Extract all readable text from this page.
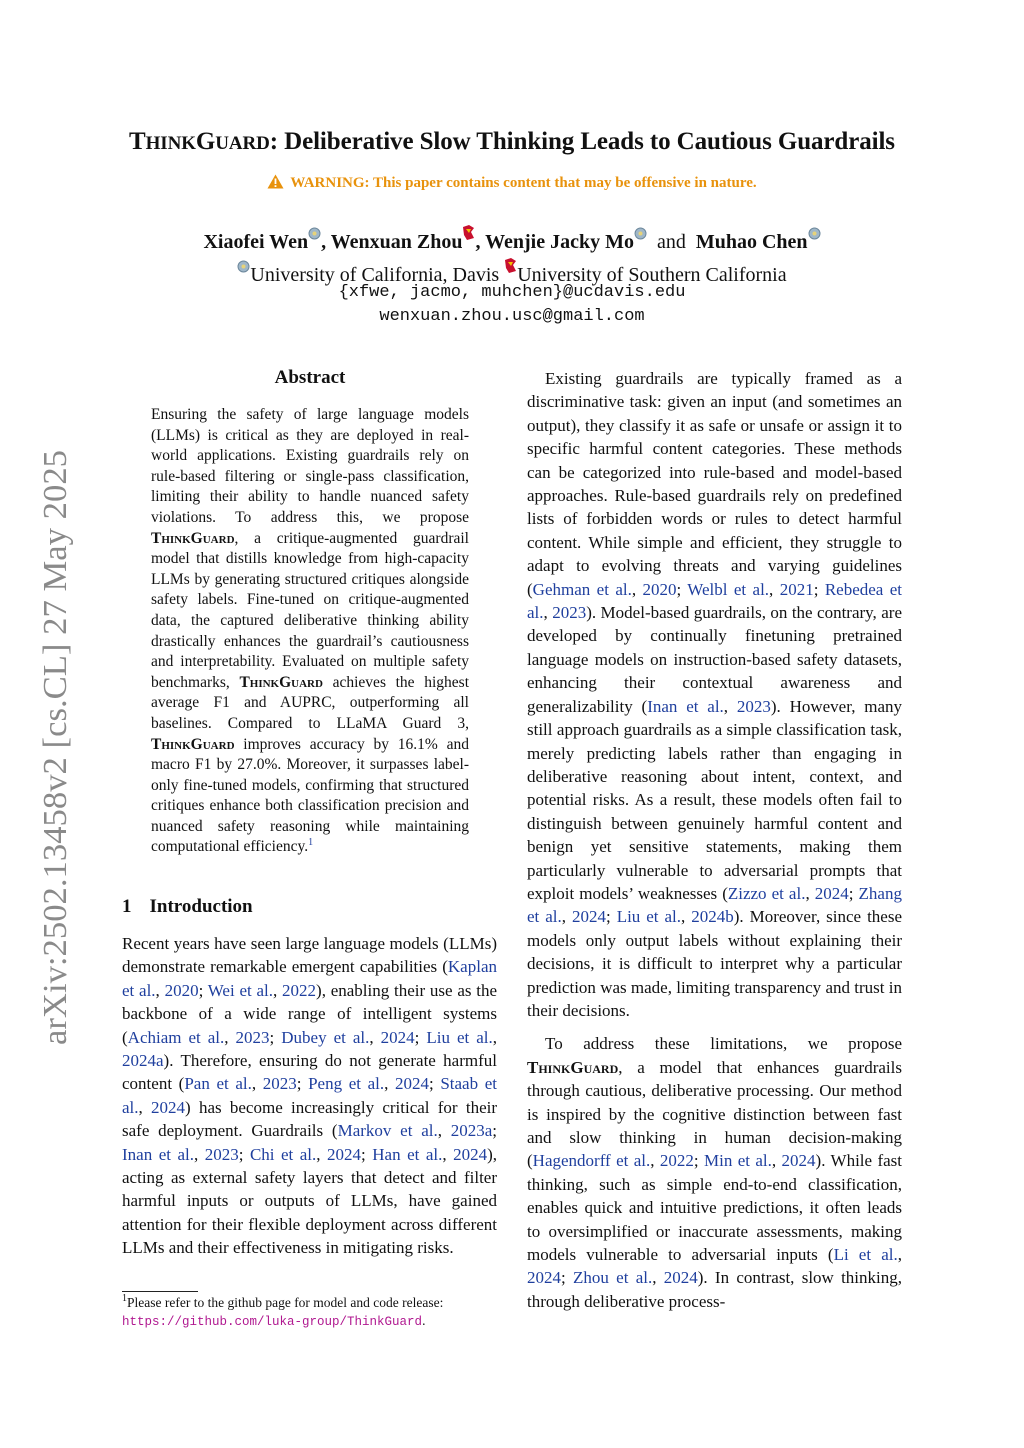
arXiv:2502.13458v2 [cs.CL] 27 May 2025
THINKGUARD: Deliberative Slow Thinking Leads to Cautious Guardrails
WARNING: This paper contains content that may be offensive in nature.
Xiaofei Wen , Wenxuan Zhou , Wenjie Jacky Mo and Muhao Chen
University of California, Davis University of Southern California
{xfwe, jacmo, muhchen}@ucdavis.edu
wenxuan.zhou.usc@gmail.com
Abstract
Ensuring the safety of large language models (LLMs) is critical as they are deployed in real-world applications. Existing guardrails rely on rule-based filtering or single-pass classification, limiting their ability to handle nuanced safety violations. To address this, we propose ThinkGuard, a critique-augmented guardrail model that distills knowledge from high-capacity LLMs by generating structured critiques alongside safety labels. Fine-tuned on critique-augmented data, the captured deliberative thinking ability drastically enhances the guardrail’s cautiousness and interpretability. Evaluated on multiple safety benchmarks, ThinkGuard achieves the highest average F1 and AUPRC, outperforming all baselines. Compared to LLaMA Guard 3, ThinkGuard improves accuracy by 16.1% and macro F1 by 27.0%. Moreover, it surpasses label-only fine-tuned models, confirming that structured critiques enhance both classification precision and nuanced safety reasoning while maintaining computational efficiency.$^1$
1 Introduction

Recent years have seen large language models (LLMs) demonstrate remarkable emergent capabilities (Kaplan et al., 2020; Wei et al., 2022), enabling their use as the backbone of a wide range of intelligent systems (Achiam et al., 2023; Dubey et al., 2024; Liu et al., 2024a). Therefore, ensuring do not generate harmful content (Pan et al., 2023; Peng et al., 2024; Staab et al., 2024) has become increasingly critical for their safe deployment. Guardrails (Markov et al., 2023a; Inan et al., 2023; Chi et al., 2024; Han et al., 2024), acting as external safety layers that detect and filter harmful inputs or outputs of LLMs, have gained attention for their flexible deployment across different LLMs and their effectiveness in mitigating risks.

Existing guardrails are typically framed as a discriminative task: given an input (and sometimes an output), they classify it as safe or unsafe or assign it to specific harmful content categories. These methods can be categorized into rule-based and model-based approaches. Rule-based guardrails rely on predefined lists of forbidden words or rules to detect harmful content. While simple and efficient, they struggle to adapt to evolving threats and varying guidelines (Gehman et al., 2020; Welbl et al., 2021; Rebedea et al., 2023). Model-based guardrails, on the contrary, are developed by continually finetuning pretrained language models on instruction-based safety datasets, enhancing their contextual awareness and generalizability (Inan et al., 2023). However, many still approach guardrails as a simple classification task, merely predicting labels rather than engaging in deliberative reasoning about intent, context, and potential risks. As a result, these models often fail to distinguish between genuinely harmful content and benign yet sensitive statements, making them particularly vulnerable to adversarial prompts that exploit models’ weaknesses (Zizzo et al., 2024; Zhang et al., 2024; Liu et al., 2024b). Moreover, since these models only output labels without explaining their decisions, it is difficult to interpret why a particular prediction was made, limiting transparency and trust in their decisions.

To address these limitations, we propose ThinkGuard, a model that enhances guardrails through cautious, deliberative processing. Our method is inspired by the cognitive distinction between fast and slow thinking in human decision-making (Hagendorff et al., 2022; Min et al., 2024). While fast thinking, such as simple end-to-end classification, enables quick and intuitive predictions, it often leads to oversimplified or inaccurate assessments, making models vulnerable to adversarial inputs (Li et al., 2024; Zhou et al., 2024). In contrast, slow thinking, through deliberative process-

$^1$Please refer to the github page for model and code release: https://github.com/luka-group/ThinkGuard.
